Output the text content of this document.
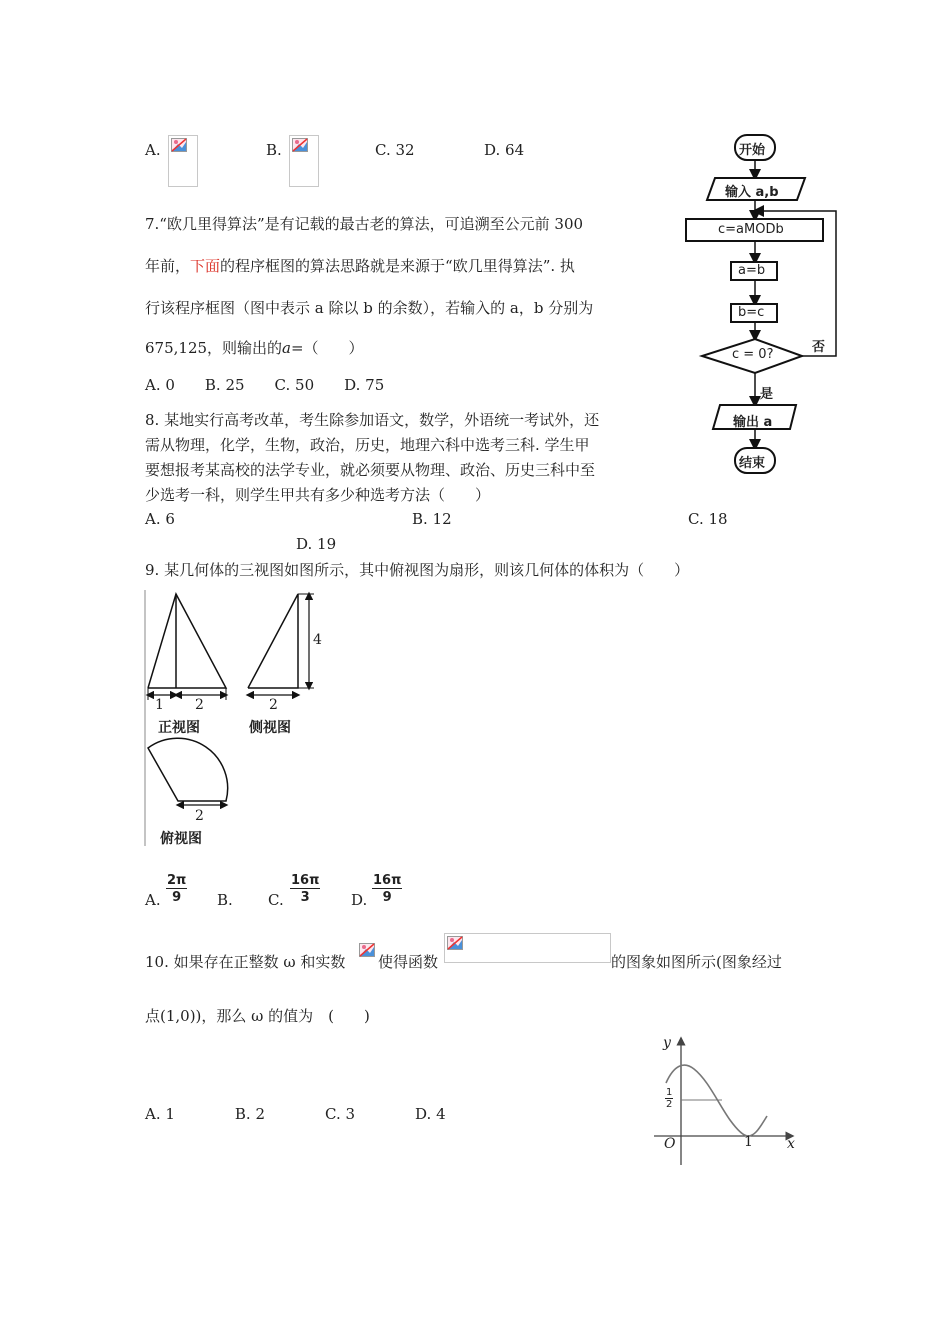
A.	B.	C. 32	D. 64
7.“欧几里得算法”是有记载的最古老的算法，可追溯至公元前 300
年前，下面的程序框图的算法思路就是来源于“欧几里得算法”. 执
行该程序框图（图中表示 a 除以 b 的余数），若输入的 a，b 分别为
675,125，则输出的a=（　　）
A. 0　　B. 25　　C. 50　　D. 75
开始
输入 a,b
c=aMODb
a=b
b=c
c = 0?	否
是
输出 a
结束
8. 某地实行高考改革，考生除参加语文，数学，外语统一考试外，还
需从物理，化学，生物，政治，历史，地理六科中选考三科. 学生甲
要想报考某高校的法学专业，就必须要从物理、政治、历史三科中至
少选考一科，则学生甲共有多少种选考方法（　　）
A. 6	B. 12	C. 18
D. 19
9. 某几何体的三视图如图所示，其中俯视图为扇形，则该几何体的体积为（　　）
1 2	2
4
正视图	侧视图
2
俯视图
A. $\frac{2\pi}{9} B$. C. $\frac{16\pi}{3} D$. $\frac{16\pi}{9}$
10. 如果存在正整数 ω 和实数 使得函数	的图象如图所示(图象经过
点(1,0))，那么 ω 的值为　(　　)
A. 1　　　　B. 2　　　　C. 3　　　　D. 4
y
x
O	1
$\frac{1}{2}$
